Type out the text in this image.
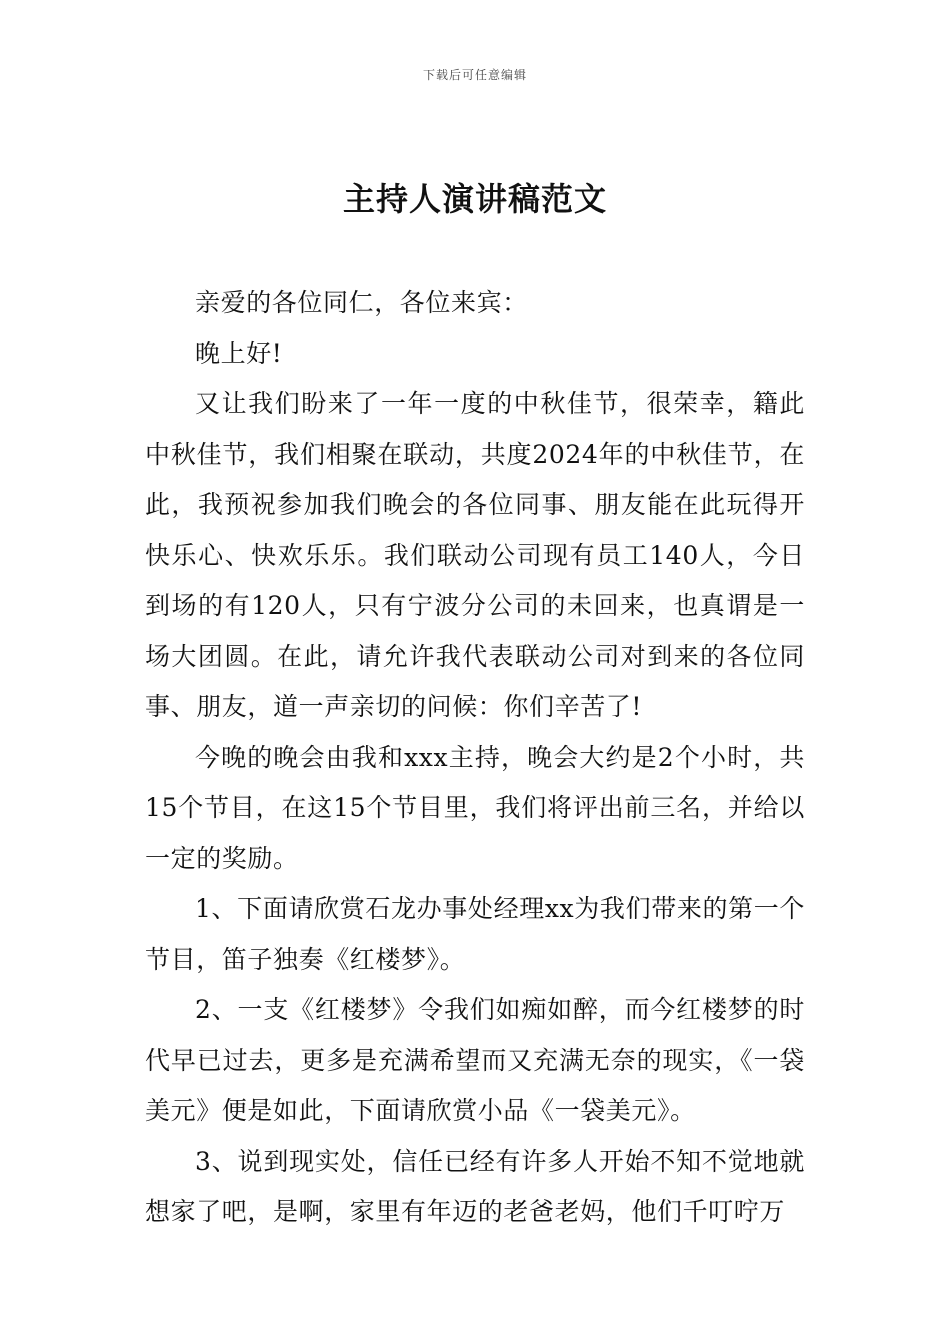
下载后可任意编辑
主持人演讲稿范文

亲爱的各位同仁，各位来宾：

晚上好!

又让我们盼来了一年一度的中秋佳节，很荣幸，籍此中秋佳节，我们相聚在联动，共度2024年的中秋佳节，在此，我预祝参加我们晚会的各位同事、朋友能在此玩得开快乐心、快欢乐乐。我们联动公司现有员工140人，今日到场的有120人，只有宁波分公司的未回来，也真谓是一场大团圆。在此，请允许我代表联动公司对到来的各位同事、朋友，道一声亲切的问候：你们辛苦了!

今晚的晚会由我和xxx主持，晚会大约是2个小时，共15个节目，在这15个节目里，我们将评出前三名，并给以一定的奖励。

1、下面请欣赏石龙办事处经理xx为我们带来的第一个节目，笛子独奏《红楼梦》。

2、一支《红楼梦》令我们如痴如醉，而今红楼梦的时代早已过去，更多是充满希望而又充满无奈的现实，《一袋美元》便是如此，下面请欣赏小品《一袋美元》。

3、说到现实处，信任已经有许多人开始不知不觉地就想家了吧，是啊，家里有年迈的老爸老妈，他们千叮咛万
